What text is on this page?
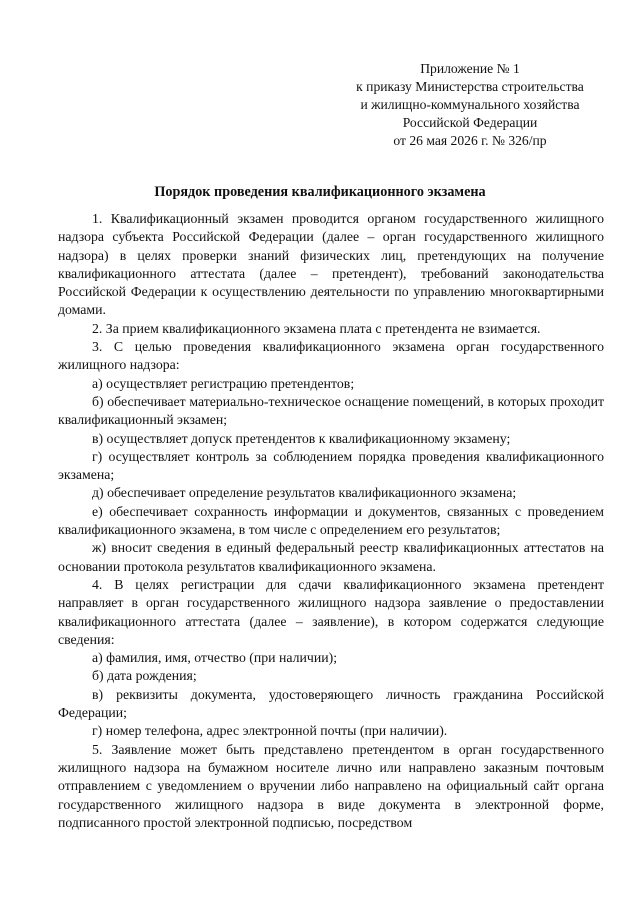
Приложение № 1
к приказу Министерства строительства
и жилищно-коммунального хозяйства
Российской Федерации
от 26 мая 2026 г. № 326/пр
Порядок проведения квалификационного экзамена

1. Квалификационный экзамен проводится органом государственного жилищного надзора субъекта Российской Федерации (далее – орган государственного жилищного надзора) в целях проверки знаний физических лиц, претендующих на получение квалификационного аттестата (далее – претендент), требований законодательства Российской Федерации к осуществлению деятельности по управлению многоквартирными домами.

2. За прием квалификационного экзамена плата с претендента не взимается.

3. С целью проведения квалификационного экзамена орган государственного жилищного надзора:

а) осуществляет регистрацию претендентов;

б) обеспечивает материально-техническое оснащение помещений, в которых проходит квалификационный экзамен;

в) осуществляет допуск претендентов к квалификационному экзамену;

г) осуществляет контроль за соблюдением порядка проведения квалификационного экзамена;

д) обеспечивает определение результатов квалификационного экзамена;

е) обеспечивает сохранность информации и документов, связанных с проведением квалификационного экзамена, в том числе с определением его результатов;

ж) вносит сведения в единый федеральный реестр квалификационных аттестатов на основании протокола результатов квалификационного экзамена.

4. В целях регистрации для сдачи квалификационного экзамена претендент направляет в орган государственного жилищного надзора заявление о предоставлении квалификационного аттестата (далее – заявление), в котором содержатся следующие сведения:

а) фамилия, имя, отчество (при наличии);

б) дата рождения;

в) реквизиты документа, удостоверяющего личность гражданина Российской Федерации;

г) номер телефона, адрес электронной почты (при наличии).

5. Заявление может быть представлено претендентом в орган государственного жилищного надзора на бумажном носителе лично или направлено заказным почтовым отправлением с уведомлением о вручении либо направлено на официальный сайт органа государственного жилищного надзора в виде документа в электронной форме, подписанного простой электронной подписью, посредством
